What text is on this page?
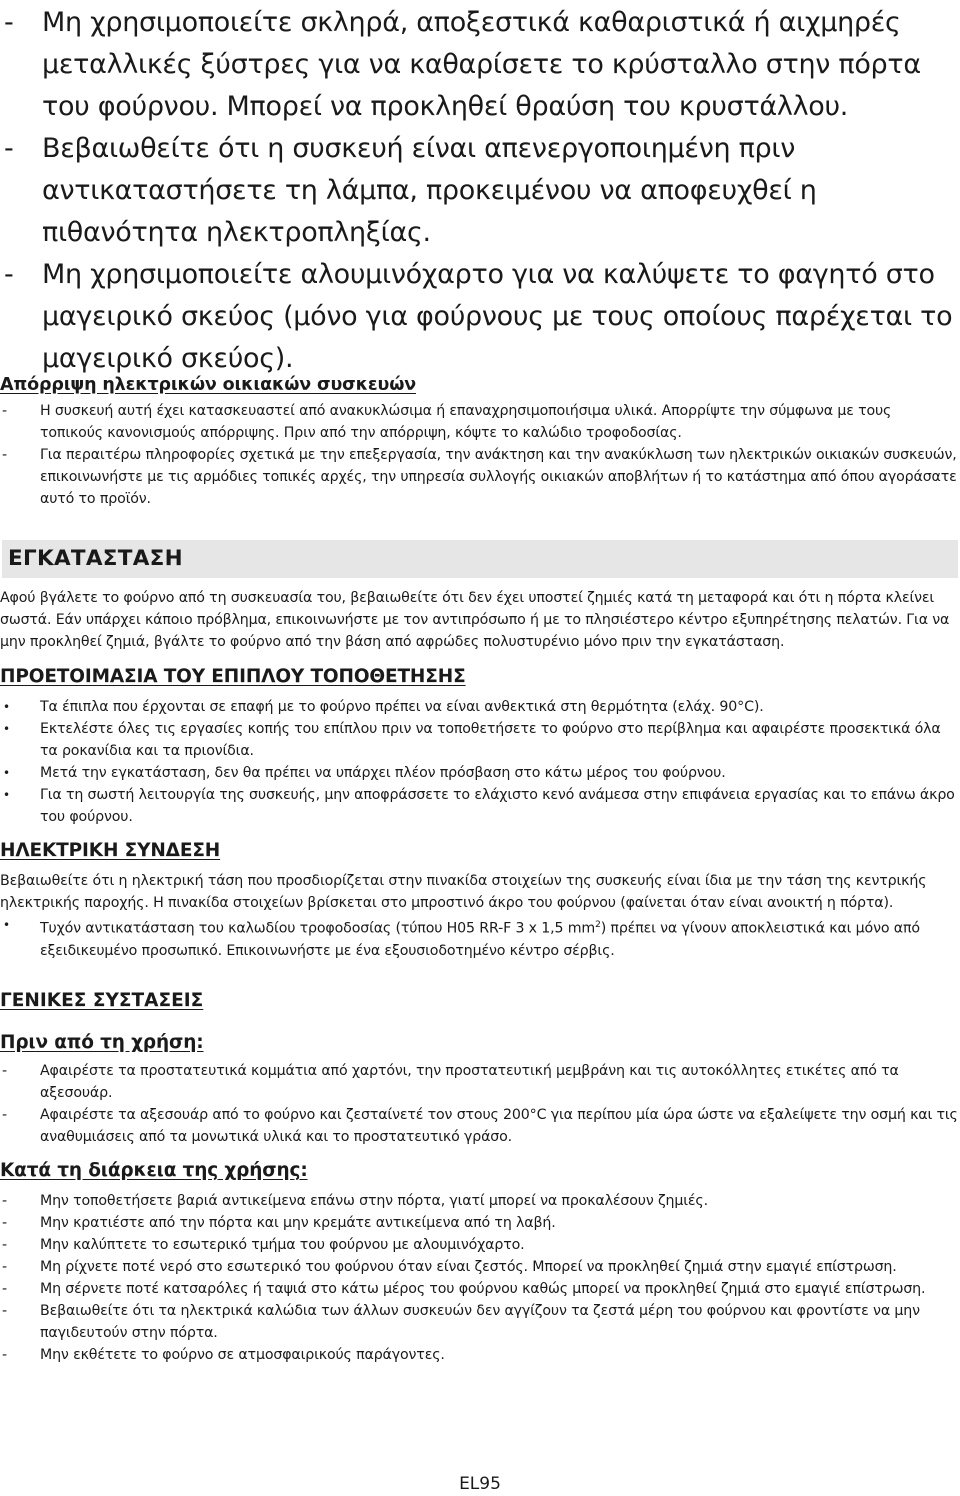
- Μη χρησιμοποιείτε σκληρά, αποξεστικά καθαριστικά ή αιχμηρές μεταλλικές ξύστρες για να καθαρίσετε το κρύσταλλο στην πόρτα του φούρνου. Μπορεί να προκληθεί θραύση του κρυστάλλου.
- Βεβαιωθείτε ότι η συσκευή είναι απενεργοποιημένη πριν αντικαταστήσετε τη λάμπα, προκειμένου να αποφευχθεί η πιθανότητα ηλεκτροπληξίας.
- Μη χρησιμοποιείτε αλουμινόχαρτο για να καλύψετε το φαγητό στο μαγειρικό σκεύος (μόνο για φούρνους με τους οποίους παρέχεται το μαγειρικό σκεύος).
Απόρριψη ηλεκτρικών οικιακών συσκευών
- Η συσκευή αυτή έχει κατασκευαστεί από ανακυκλώσιμα ή επαναχρησιμοποιήσιμα υλικά. Απορρίψτε την σύμφωνα με τους τοπικούς κανονισμούς απόρριψης. Πριν από την απόρριψη, κόψτε το καλώδιο τροφοδοσίας.
- Για περαιτέρω πληροφορίες σχετικά με την επεξεργασία, την ανάκτηση και την ανακύκλωση των ηλεκτρικών οικιακών συσκευών, επικοινωνήστε με τις αρμόδιες τοπικές αρχές, την υπηρεσία συλλογής οικιακών αποβλήτων ή το κατάστημα από όπου αγοράσατε αυτό το προϊόν.
ΕΓΚΑΤΑΣΤΑΣΗ

Αφού βγάλετε το φούρνο από τη συσκευασία του, βεβαιωθείτε ότι δεν έχει υποστεί ζημιές κατά τη μεταφορά και ότι η πόρτα κλείνει σωστά. Εάν υπάρχει κάποιο πρόβλημα, επικοινωνήστε με τον αντιπρόσωπο ή με το πλησιέστερο κέντρο εξυπηρέτησης πελατών. Για να μην προκληθεί ζημιά, βγάλτε το φούρνο από την βάση από αφρώδες πολυστυρένιο μόνο πριν την εγκατάσταση.

ΠΡΟΕΤΟΙΜΑΣΙΑ ΤΟΥ ΕΠΙΠΛΟΥ ΤΟΠΟΘΕΤΗΣΗΣ
• Τα έπιπλα που έρχονται σε επαφή με το φούρνο πρέπει να είναι ανθεκτικά στη θερμότητα (ελάχ. 90°C).
• Εκτελέστε όλες τις εργασίες κοπής του επίπλου πριν να τοποθετήσετε το φούρνο στο περίβλημα και αφαιρέστε προσεκτικά όλα τα ροκανίδια και τα πριονίδια.
• Μετά την εγκατάσταση, δεν θα πρέπει να υπάρχει πλέον πρόσβαση στο κάτω μέρος του φούρνου.
• Για τη σωστή λειτουργία της συσκευής, μην αποφράσσετε το ελάχιστο κενό ανάμεσα στην επιφάνεια εργασίας και το επάνω άκρο του φούρνου.
ΗΛΕΚΤΡΙΚΗ ΣΥΝΔΕΣΗ

Βεβαιωθείτε ότι η ηλεκτρική τάση που προσδιορίζεται στην πινακίδα στοιχείων της συσκευής είναι ίδια με την τάση της κεντρικής ηλεκτρικής παροχής. Η πινακίδα στοιχείων βρίσκεται στο μπροστινό άκρο του φούρνου (φαίνεται όταν είναι ανοικτή η πόρτα).

• Τυχόν αντικατάσταση του καλωδίου τροφοδοσίας (τύπου H05 RR-F 3 x 1,5 $mm^2$) πρέπει να γίνουν αποκλειστικά και μόνο από εξειδικευμένο προσωπικό. Επικοινωνήστε με ένα εξουσιοδοτημένο κέντρο σέρβις.
ΓΕΝΙΚΕΣ ΣΥΣΤΑΣΕΙΣ
Πριν από τη χρήση:
- Αφαιρέστε τα προστατευτικά κομμάτια από χαρτόνι, την προστατευτική μεμβράνη και τις αυτοκόλλητες ετικέτες από τα αξεσουάρ.
- Αφαιρέστε τα αξεσουάρ από το φούρνο και ζεσταίνετέ τον στους 200°C για περίπου μία ώρα ώστε να εξαλείψετε την οσμή και τις αναθυμιάσεις από τα μονωτικά υλικά και το προστατευτικό γράσο.
Κατά τη διάρκεια της χρήσης:
- Μην τοποθετήσετε βαριά αντικείμενα επάνω στην πόρτα, γιατί μπορεί να προκαλέσουν ζημιές.
- Μην κρατιέστε από την πόρτα και μην κρεμάτε αντικείμενα από τη λαβή.
- Μην καλύπτετε το εσωτερικό τμήμα του φούρνου με αλουμινόχαρτο.
- Μη ρίχνετε ποτέ νερό στο εσωτερικό του φούρνου όταν είναι ζεστός. Μπορεί να προκληθεί ζημιά στην εμαγιέ επίστρωση.
- Μη σέρνετε ποτέ κατσαρόλες ή ταψιά στο κάτω μέρος του φούρνου καθώς μπορεί να προκληθεί ζημιά στο εμαγιέ επίστρωση.
- Βεβαιωθείτε ότι τα ηλεκτρικά καλώδια των άλλων συσκευών δεν αγγίζουν τα ζεστά μέρη του φούρνου και φροντίστε να μην παγιδευτούν στην πόρτα.
- Μην εκθέτετε το φούρνο σε ατμοσφαιρικούς παράγοντες.
EL95
